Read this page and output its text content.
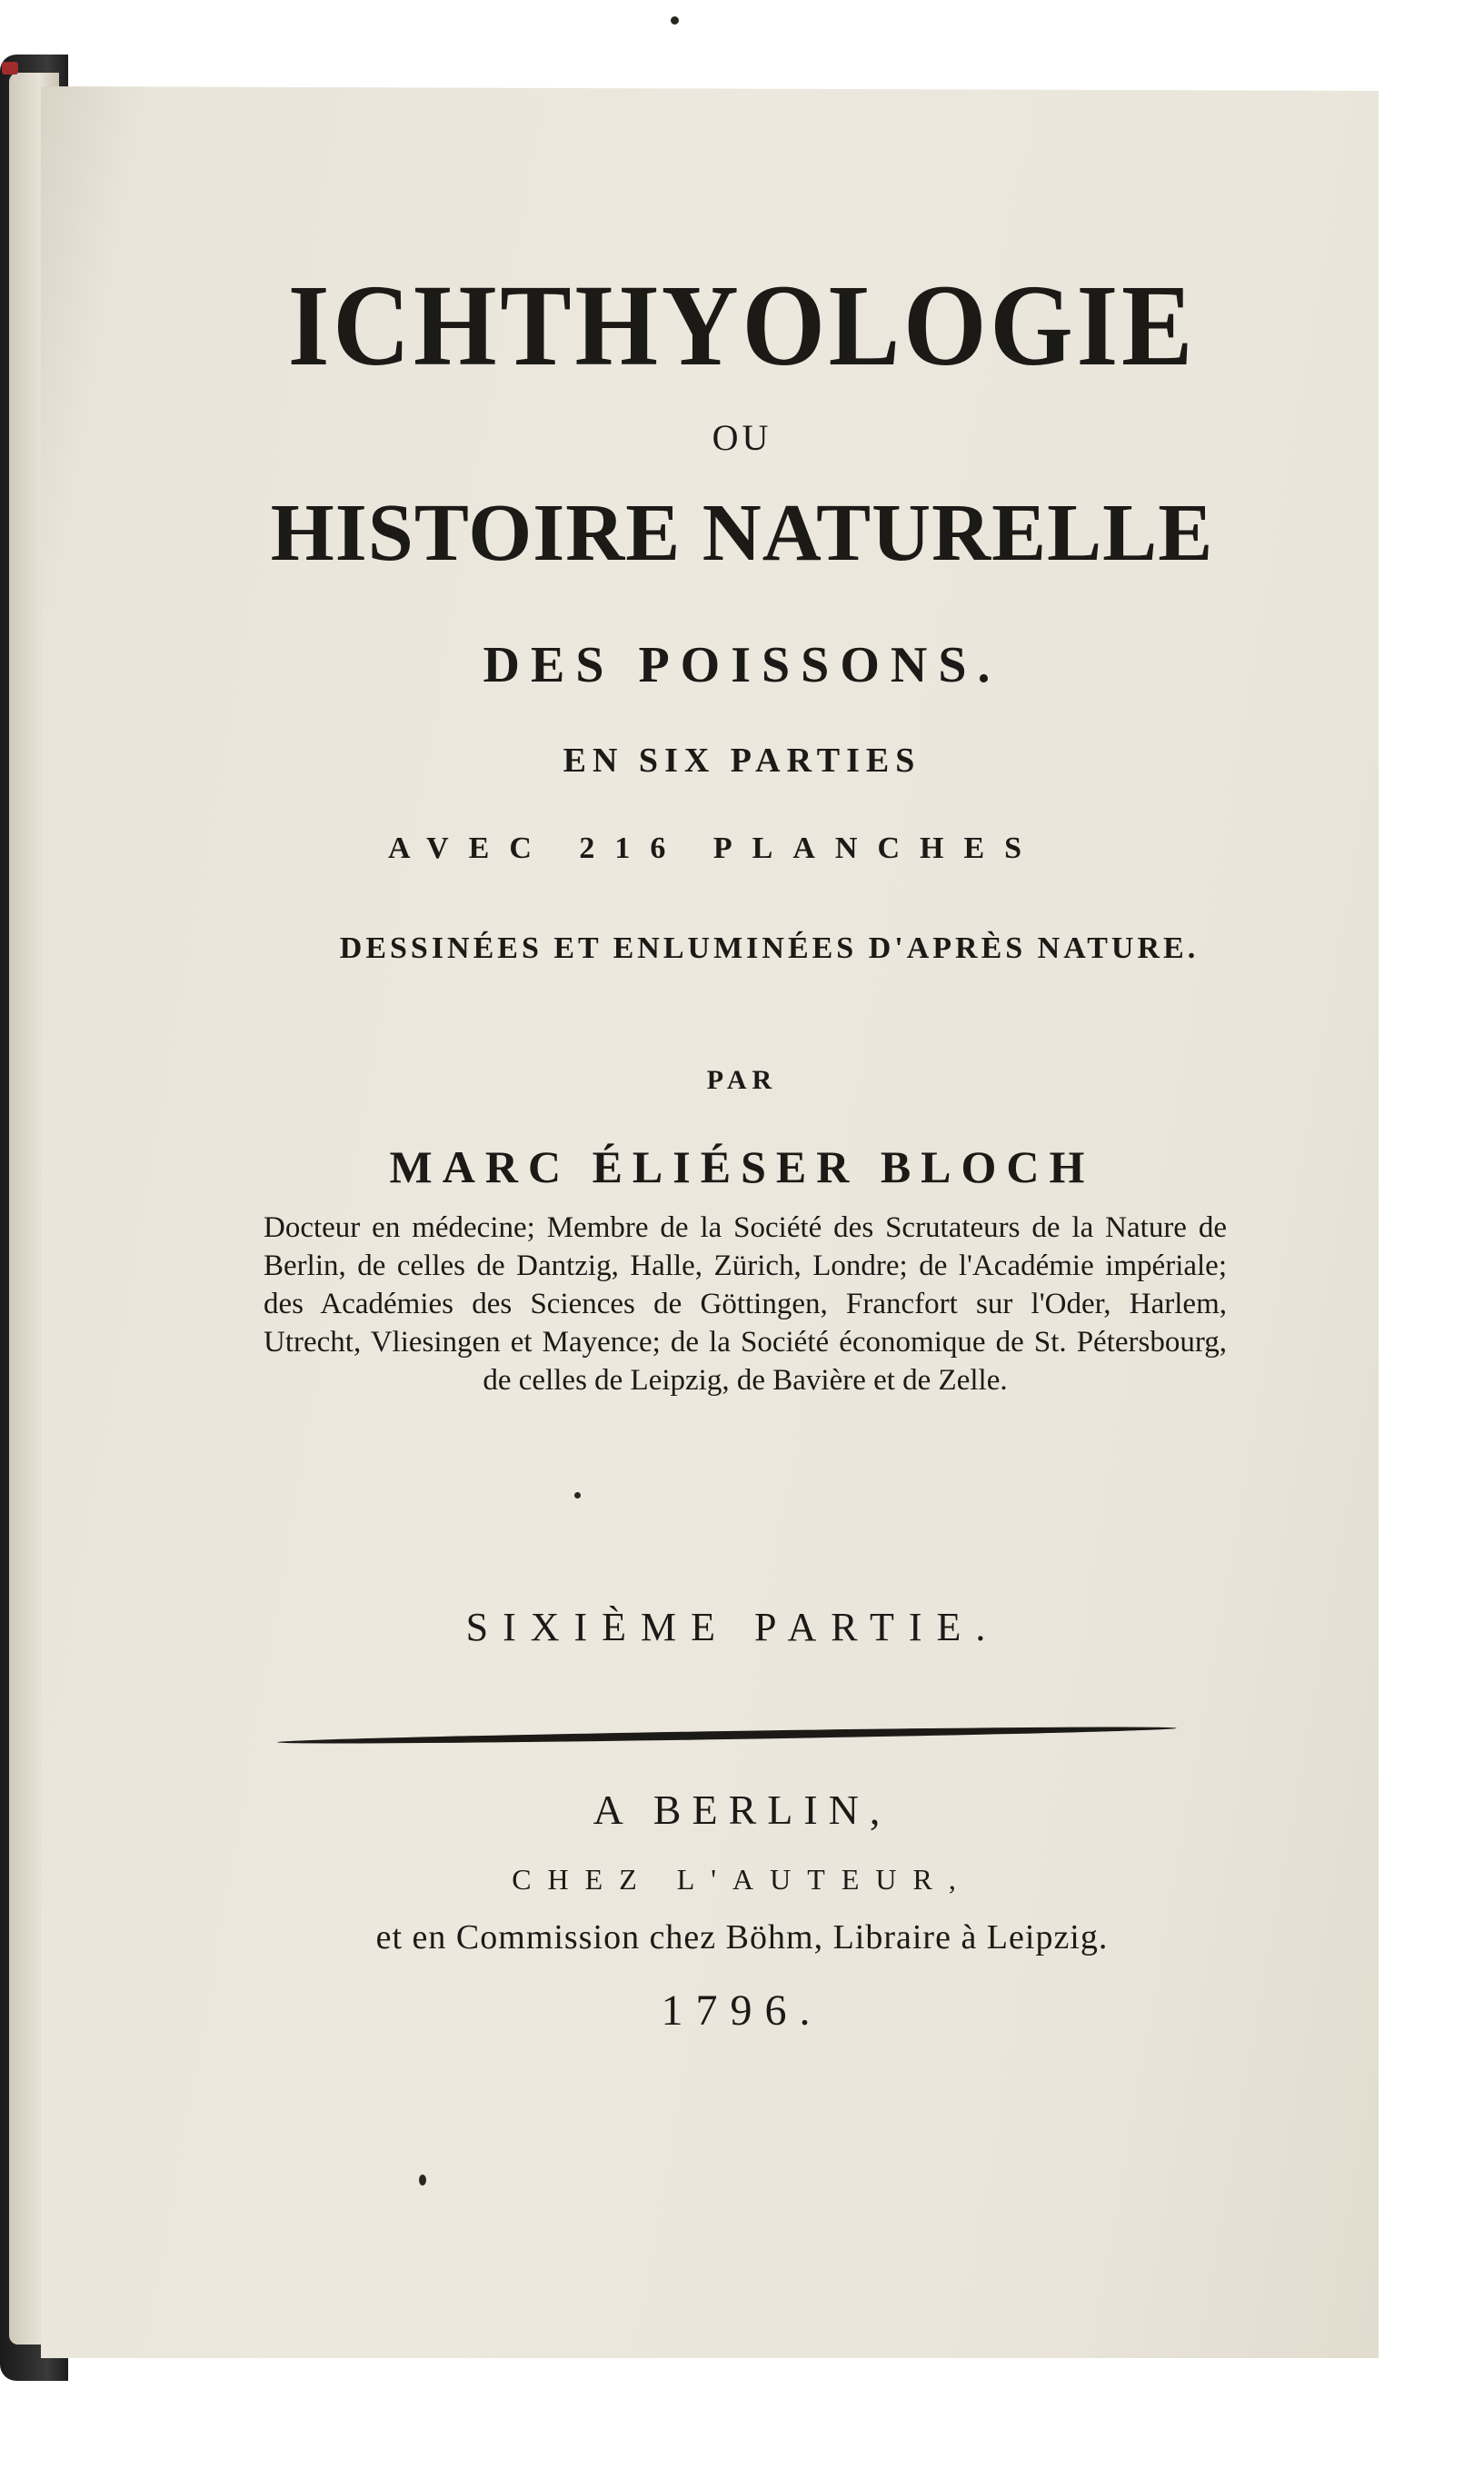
ICHTHYOLOGIE
OU
HISTOIRE NATURELLE
DES POISSONS.
EN SIX PARTIES
AVEC 216 PLANCHES
DESSINÉES ET ENLUMINÉES D'APRÈS NATURE.
PAR
MARC ÉLIÉSER BLOCH
Docteur en médecine; Membre de la Société des Scrutateurs de la Nature de Berlin, de celles de Dantzig, Halle, Zürich, Londre; de l'Académie impériale; des Académies des Sciences de Göttingen, Francfort sur l'Oder, Harlem, Utrecht, Vliesingen et Mayence; de la Société économique de St. Pétersbourg, de celles de Leipzig, de Bavière et de Zelle.
SIXIÈME PARTIE.
A BERLIN,
CHEZ L'AUTEUR,
et en Commission chez Böhm, Libraire à Leipzig.
1796.
